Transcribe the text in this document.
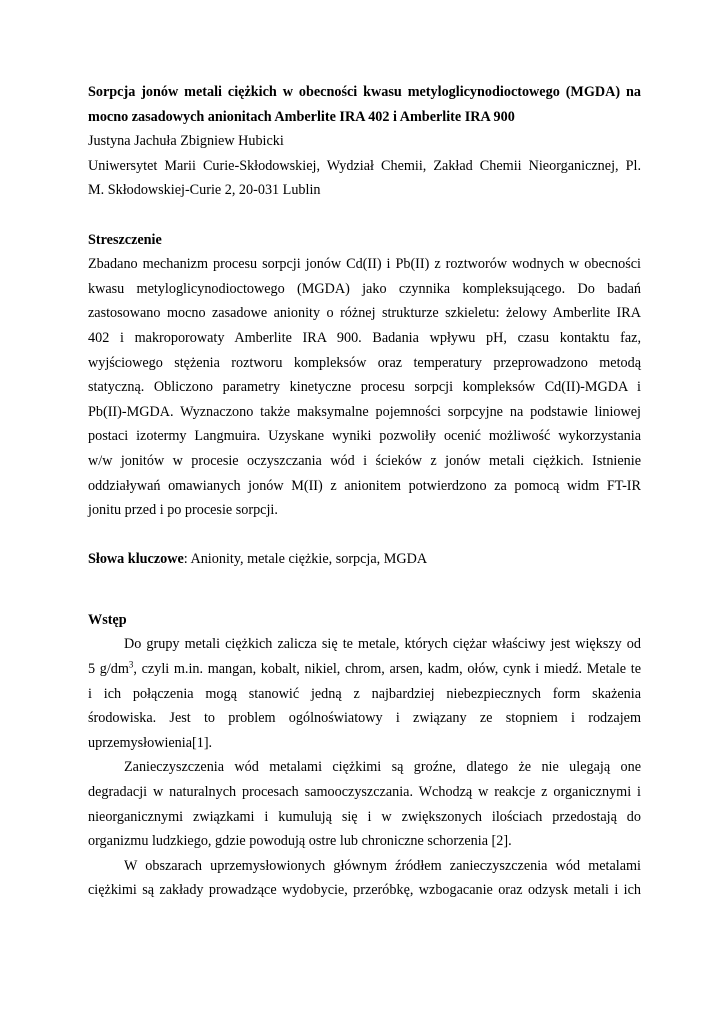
Sorpcja jonów metali ciężkich w obecności kwasu metyloglicynodioctowego (MGDA) na
mocno zasadowych anionitach Amberlite IRA 402 i Amberlite IRA 900
Justyna Jachuła Zbigniew Hubicki
Uniwersytet Marii Curie-Skłodowskiej, Wydział Chemii, Zakład Chemii Nieorganicznej, Pl.
M. Skłodowskiej-Curie 2, 20-031 Lublin
Streszczenie
Zbadano mechanizm procesu sorpcji jonów Cd(II) i Pb(II) z roztworów wodnych w obecności
kwasu metyloglicynodioctowego (MGDA) jako czynnika kompleksującego. Do badań
zastosowano mocno zasadowe anionity o różnej strukturze szkieletu: żelowy Amberlite IRA
402 i makroporowaty Amberlite IRA 900. Badania wpływu pH, czasu kontaktu faz,
wyjściowego stężenia roztworu kompleksów oraz temperatury przeprowadzono metodą
statyczną. Obliczono parametry kinetyczne procesu sorpcji kompleksów Cd(II)-MGDA i
Pb(II)-MGDA. Wyznaczono także maksymalne pojemności sorpcyjne na podstawie liniowej
postaci izotermy Langmuira. Uzyskane wyniki pozwoliły ocenić możliwość wykorzystania
w/w jonitów w procesie oczyszczania wód i ścieków z jonów metali ciężkich. Istnienie
oddziaływań omawianych jonów M(II) z anionitem potwierdzono za pomocą widm FT-IR
jonitu przed i po procesie sorpcji.
Słowa kluczowe: Anionity, metale ciężkie, sorpcja, MGDA
Wstęp
Do grupy metali ciężkich zalicza się te metale, których ciężar właściwy jest większy od
5 $g/dm^3$, czyli m.in. mangan, kobalt, nikiel, chrom, arsen, kadm, ołów, cynk i miedź. Metale te
i ich połączenia mogą stanowić jedną z najbardziej niebezpiecznych form skażenia
środowiska. Jest to problem ogólnoświatowy i związany ze stopniem i rodzajem
uprzemysłowienia[1].
Zanieczyszczenia wód metalami ciężkimi są groźne, dlatego że nie ulegają one
degradacji w naturalnych procesach samooczyszczania. Wchodzą w reakcje z organicznymi i
nieorganicznymi związkami i kumulują się i w zwiększonych ilościach przedostają do
organizmu ludzkiego, gdzie powodują ostre lub chroniczne schorzenia [2].
W obszarach uprzemysłowionych głównym źródłem zanieczyszczenia wód metalami
ciężkimi są zakłady prowadzące wydobycie, przeróbkę, wzbogacanie oraz odzysk metali i ich
